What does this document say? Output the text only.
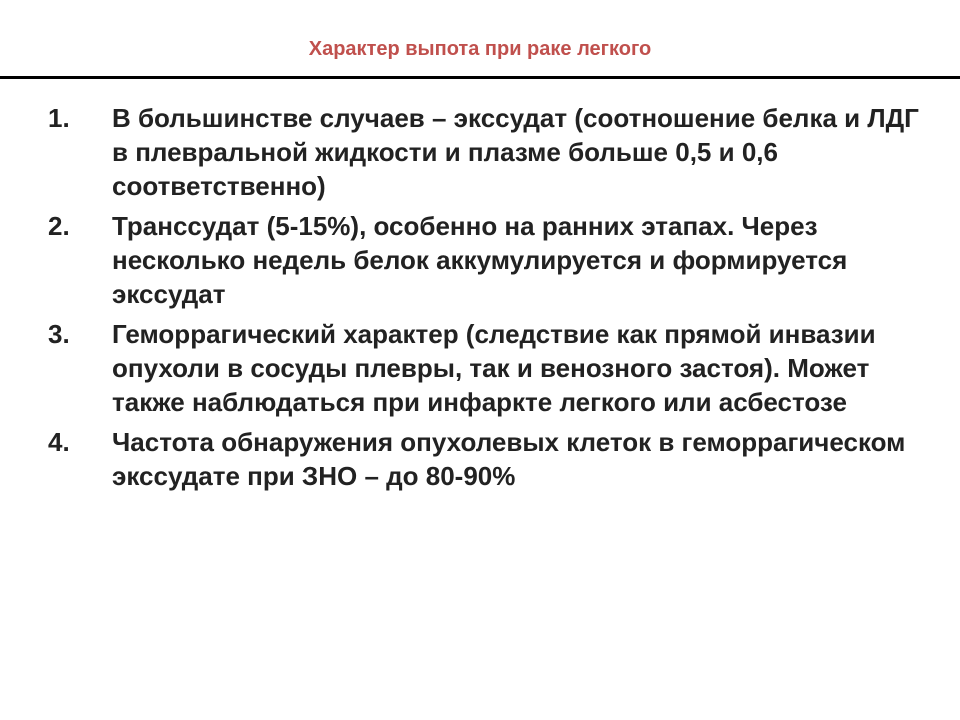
Характер выпота при раке легкого
1. В большинстве случаев – экссудат (соотношение белка и ЛДГ в плевральной жидкости и плазме больше 0,5 и 0,6 соответственно)
2. Транссудат (5-15%), особенно на ранних этапах. Через несколько недель белок аккумулируется и формируется экссудат
3. Геморрагический характер (следствие как прямой инвазии опухоли в сосуды плевры, так и венозного застоя). Может также наблюдаться при инфаркте легкого или асбестозе
4. Частота обнаружения опухолевых клеток в геморрагическом экссудате при ЗНО – до 80-90%
